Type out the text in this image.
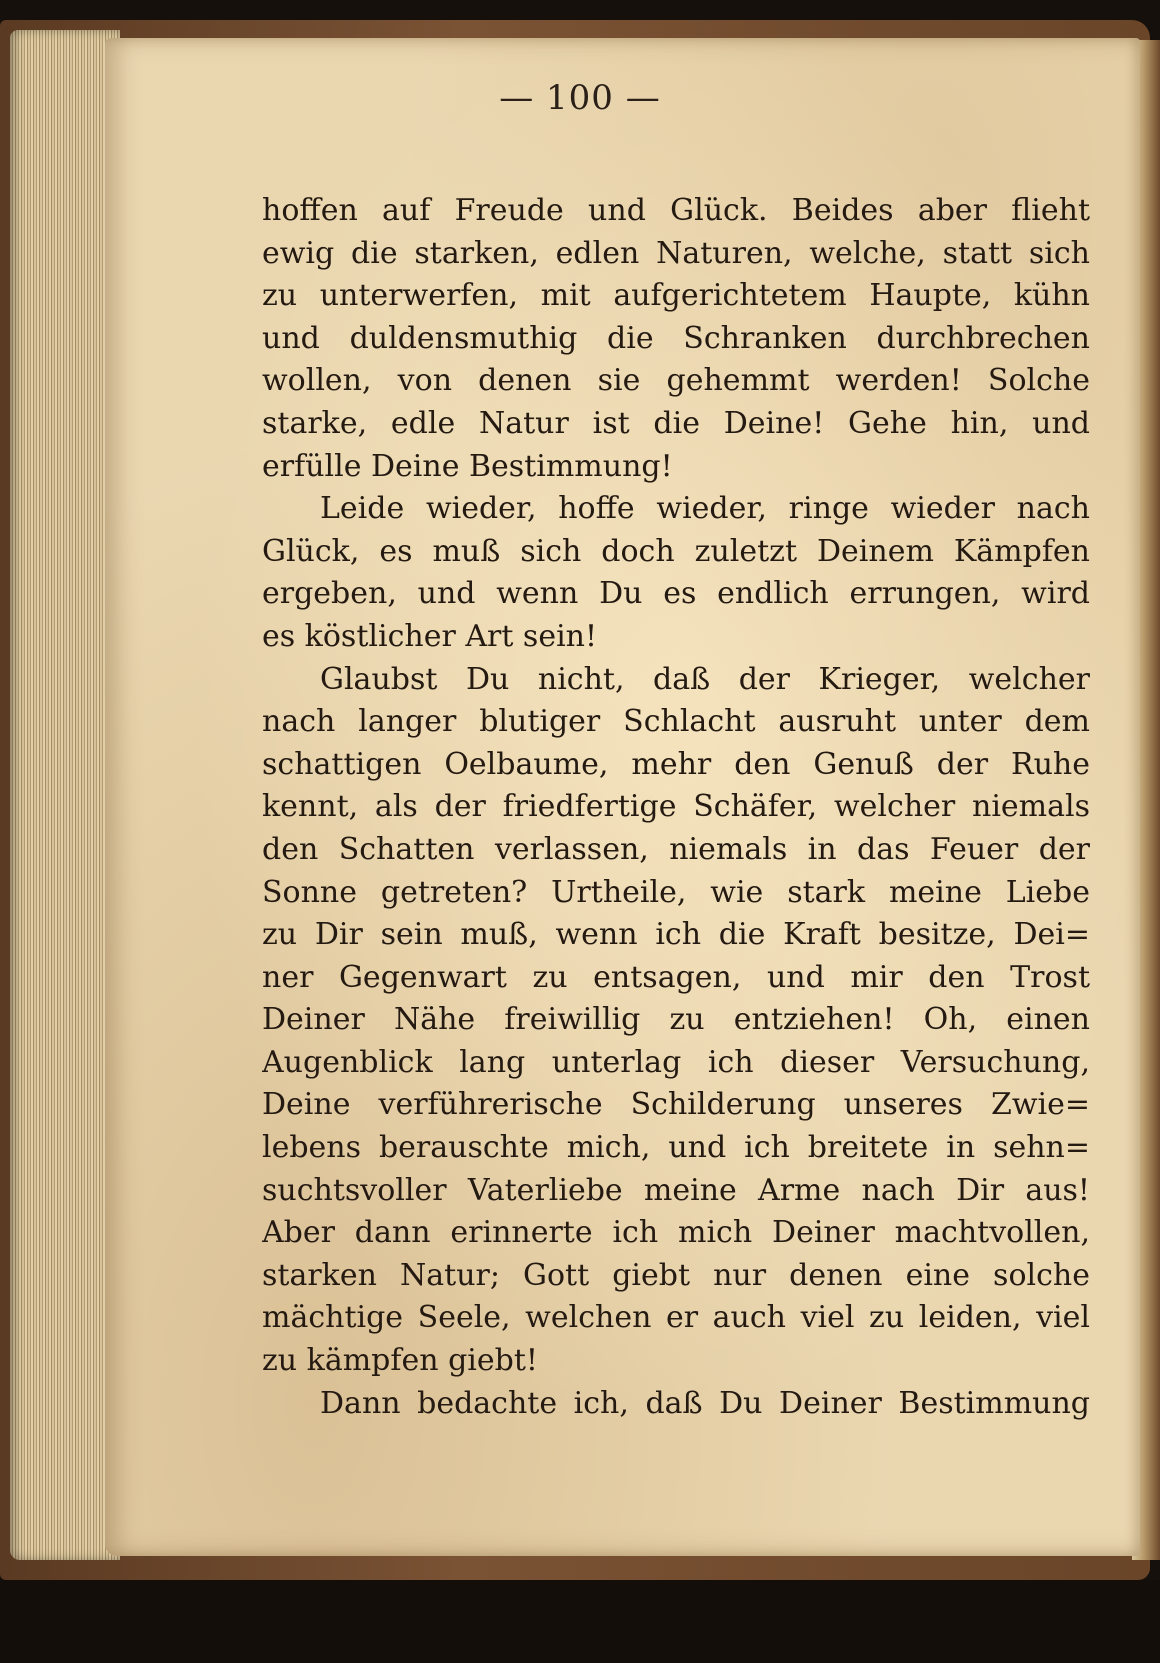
— 100 —
hoffen auf Freude und Glück. Beides aber flieht
ewig die starken, edlen Naturen, welche, statt sich
zu unterwerfen, mit aufgerichtetem Haupte, kühn
und duldensmuthig die Schranken durchbrechen
wollen, von denen sie gehemmt werden! Solche
starke, edle Natur ist die Deine! Gehe hin, und
erfülle Deine Bestimmung!
Leide wieder, hoffe wieder, ringe wieder nach
Glück, es muß sich doch zuletzt Deinem Kämpfen
ergeben, und wenn Du es endlich errungen, wird
es köstlicher Art sein!
Glaubst Du nicht, daß der Krieger, welcher
nach langer blutiger Schlacht ausruht unter dem
schattigen Oelbaume, mehr den Genuß der Ruhe
kennt, als der friedfertige Schäfer, welcher niemals
den Schatten verlassen, niemals in das Feuer der
Sonne getreten? Urtheile, wie stark meine Liebe
zu Dir sein muß, wenn ich die Kraft besitze, Dei=
ner Gegenwart zu entsagen, und mir den Trost
Deiner Nähe freiwillig zu entziehen! Oh, einen
Augenblick lang unterlag ich dieser Versuchung,
Deine verführerische Schilderung unseres Zwie=
lebens berauschte mich, und ich breitete in sehn=
suchtsvoller Vaterliebe meine Arme nach Dir aus!
Aber dann erinnerte ich mich Deiner machtvollen,
starken Natur; Gott giebt nur denen eine solche
mächtige Seele, welchen er auch viel zu leiden, viel
zu kämpfen giebt!
Dann bedachte ich, daß Du Deiner Bestimmung
